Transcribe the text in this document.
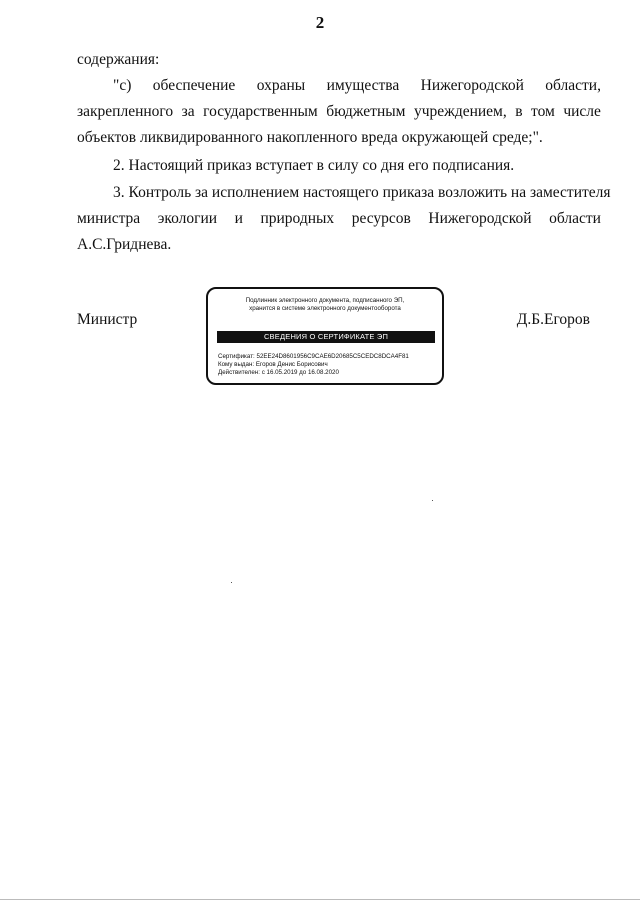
2
содержания:
"с) обеспечение охраны имущества Нижегородской области,
закрепленного за государственным бюджетным учреждением, в том числе
объектов ликвидированного накопленного вреда окружающей среде;".
2. Настоящий приказ вступает в силу со дня его подписания.
3. Контроль за исполнением настоящего приказа возложить на заместителя
министра экологии и природных ресурсов Нижегородской области
А.С.Гриднева.
Министр	Д.Б.Егоров
Подлинник электронного документа, подписанного ЭП,
хранится в системе электронного документооборота
СВЕДЕНИЯ О СЕРТИФИКАТЕ ЭП
Сертификат: 52EE24D8601956C9CAE6D20685C5CEDC8DCA4F81
Кому выдан: Егоров Денис Борисович
Действителен: с 16.05.2019 до 16.08.2020
